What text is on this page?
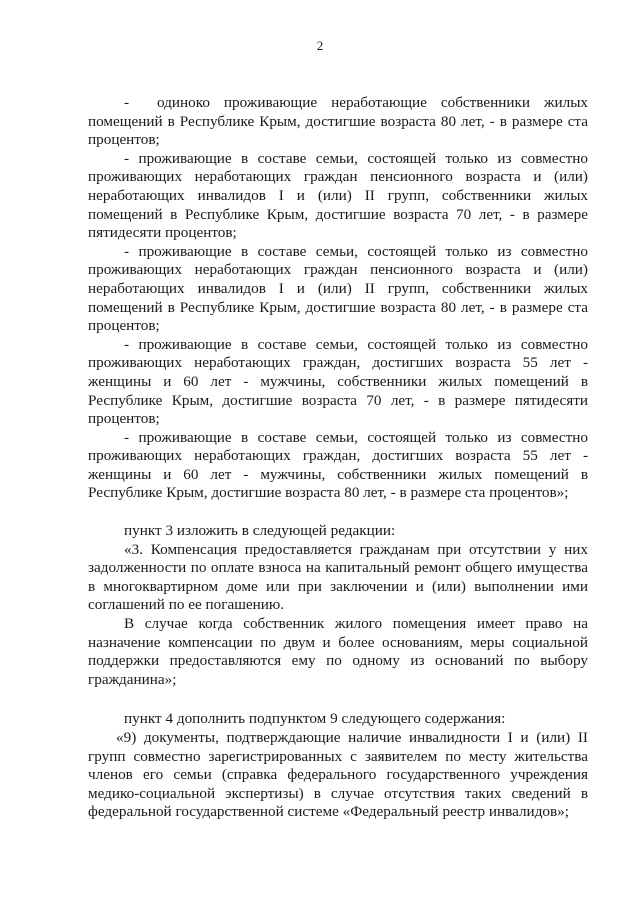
2

-  одиноко проживающие неработающие собственники жилых помещений в Республике Крым, достигшие возраста 80 лет, - в размере ста процентов;

- проживающие в составе семьи, состоящей только из совместно проживающих неработающих граждан пенсионного возраста и (или) неработающих инвалидов I и (или) II групп, собственники жилых помещений в Республике Крым, достигшие возраста 70 лет, - в размере пятидесяти процентов;

- проживающие в составе семьи, состоящей только из совместно проживающих неработающих граждан пенсионного возраста и (или) неработающих инвалидов I и (или) II групп, собственники жилых помещений в Республике Крым, достигшие возраста 80 лет, - в размере ста процентов;

- проживающие в составе семьи, состоящей только из совместно проживающих неработающих граждан, достигших возраста 55 лет - женщины и 60 лет - мужчины, собственники жилых помещений в Республике Крым, достигшие возраста 70 лет, - в размере пятидесяти процентов;

- проживающие в составе семьи, состоящей только из совместно проживающих неработающих граждан, достигших возраста 55 лет - женщины и 60 лет - мужчины, собственники жилых помещений в Республике Крым, достигшие возраста 80 лет, - в размере ста процентов»;

пункт 3 изложить в следующей редакции:

«3. Компенсация предоставляется гражданам при отсутствии у них задолженности по оплате взноса на капитальный ремонт общего имущества в многоквартирном доме или при заключении и (или) выполнении ими соглашений по ее погашению.

В случае когда собственник жилого помещения имеет право на назначение компенсации по двум и более основаниям, меры социальной поддержки предоставляются ему по одному из оснований по выбору гражданина»;

пункт 4 дополнить подпунктом 9 следующего содержания:

«9) документы, подтверждающие наличие инвалидности I и (или) II групп совместно зарегистрированных с заявителем по месту жительства членов его семьи (справка федерального государственного учреждения медико-социальной экспертизы) в случае отсутствия таких сведений в федеральной государственной системе «Федеральный реестр инвалидов»;
